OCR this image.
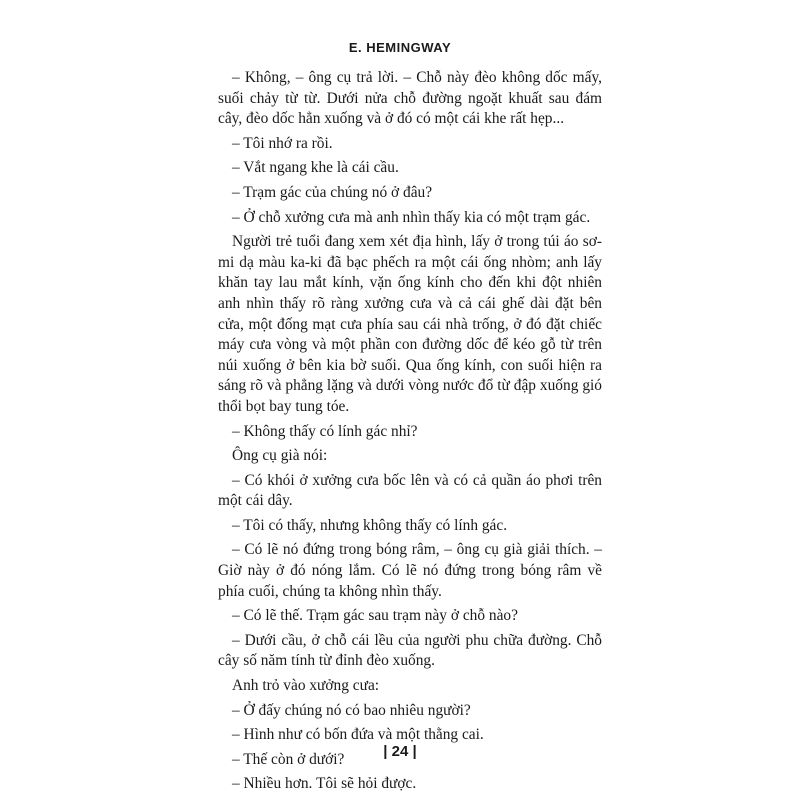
E. HEMINGWAY

– Không, – ông cụ trả lời. – Chỗ này đèo không dốc mấy, suối chảy từ từ. Dưới nửa chỗ đường ngoặt khuất sau đám cây, đèo dốc hẳn xuống và ở đó có một cái khe rất hẹp...

– Tôi nhớ ra rồi.

– Vắt ngang khe là cái cầu.

– Trạm gác của chúng nó ở đâu?

– Ở chỗ xưởng cưa mà anh nhìn thấy kia có một trạm gác.

Người trẻ tuổi đang xem xét địa hình, lấy ở trong túi áo sơ-mi dạ màu ka-ki đã bạc phếch ra một cái ống nhòm; anh lấy khăn tay lau mắt kính, vặn ống kính cho đến khi đột nhiên anh nhìn thấy rõ ràng xưởng cưa và cả cái ghế dài đặt bên cửa, một đống mạt cưa phía sau cái nhà trống, ở đó đặt chiếc máy cưa vòng và một phần con đường dốc để kéo gỗ từ trên núi xuống ở bên kia bờ suối. Qua ống kính, con suối hiện ra sáng rõ và phẳng lặng và dưới vòng nước đổ từ đập xuống gió thổi bọt bay tung tóe.

– Không thấy có lính gác nhỉ?

Ông cụ già nói:

– Có khói ở xưởng cưa bốc lên và có cả quần áo phơi trên một cái dây.

– Tôi có thấy, nhưng không thấy có lính gác.

– Có lẽ nó đứng trong bóng râm, – ông cụ già giải thích. – Giờ này ở đó nóng lắm. Có lẽ nó đứng trong bóng râm về phía cuối, chúng ta không nhìn thấy.

– Có lẽ thế. Trạm gác sau trạm này ở chỗ nào?

– Dưới cầu, ở chỗ cái lều của người phu chữa đường. Chỗ cây số năm tính từ đỉnh đèo xuống.

Anh trỏ vào xưởng cưa:

– Ở đấy chúng nó có bao nhiêu người?

– Hình như có bốn đứa và một thằng cai.

– Thế còn ở dưới?

– Nhiều hơn. Tôi sẽ hỏi được.

| 24 |
